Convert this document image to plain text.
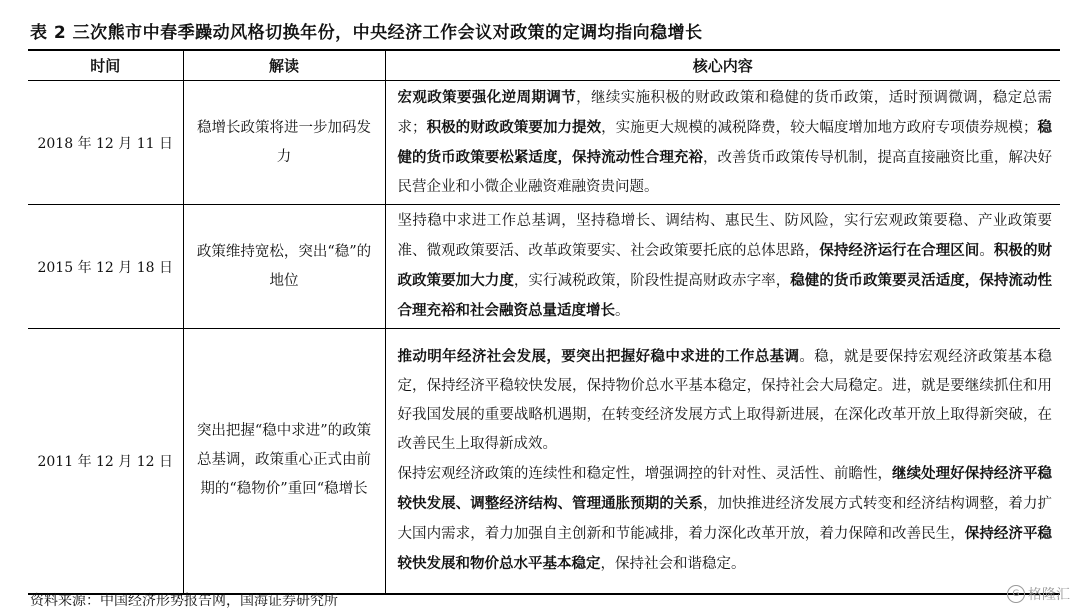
表 2 三次熊市中春季躁动风格切换年份，中央经济工作会议对政策的定调均指向稳增长
时间	解读	核心内容
2018 年 12 月 11 日	稳增长政策将进一步加码发力	宏观政策要强化逆周期调节，继续实施积极的财政政策和稳健的货币政策，适时预调微调，稳定总需求；积极的财政政策要加力提效，实施更大规模的减税降费，较大幅度增加地方政府专项债券规模；稳健的货币政策要松紧适度，保持流动性合理充裕，改善货币政策传导机制，提高直接融资比重，解决好民营企业和小微企业融资难融资贵问题。

2015 年 12 月 18 日	政策维持宽松，突出“稳”的地位	坚持稳中求进工作总基调，坚持稳增长、调结构、惠民生、防风险，实行宏观政策要稳、产业政策要准、微观政策要活、改革政策要实、社会政策要托底的总体思路，保持经济运行在合理区间。积极的财政政策要加大力度，实行减税政策，阶段性提高财政赤字率，稳健的货币政策要灵活适度，保持流动性合理充裕和社会融资总量适度增长。

2011 年 12 月 12 日	突出把握“稳中求进”的政策总基调，政策重心正式由前期的“稳物价”重回“稳增长	推动明年经济社会发展，要突出把握好稳中求进的工作总基调。稳，就是要保持宏观经济政策基本稳定，保持经济平稳较快发展，保持物价总水平基本稳定，保持社会大局稳定。进，就是要继续抓住和用好我国发展的重要战略机遇期，在转变经济发展方式上取得新进展，在深化改革开放上取得新突破，在改善民生上取得新成效。

保持宏观经济政策的连续性和稳定性，增强调控的针对性、灵活性、前瞻性，继续处理好保持经济平稳较快发展、调整经济结构、管理通胀预期的关系，加快推进经济发展方式转变和经济结构调整，着力扩大国内需求，着力加强自主创新和节能减排，着力深化改革开放，着力保障和改善民生，保持经济平稳较快发展和物价总水平基本稳定，保持社会和谐稳定。

资料来源：中国经济形势报告网，国海证券研究所	G 格隆汇
